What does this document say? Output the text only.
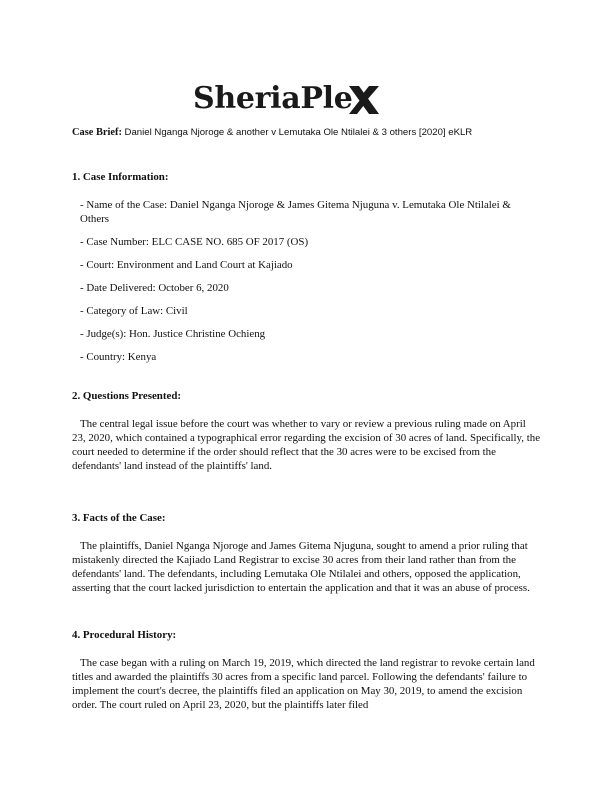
SheriaPle
Case Brief: Daniel Nganga Njoroge & another v Lemutaka Ole Ntilalei & 3 others [2020] eKLR
1. Case Information:
- Name of the Case: Daniel Nganga Njoroge & James Gitema Njuguna v. Lemutaka Ole Ntilalei & Others
- Case Number: ELC CASE NO. 685 OF 2017 (OS)
- Court: Environment and Land Court at Kajiado
- Date Delivered: October 6, 2020
- Category of Law: Civil
- Judge(s): Hon. Justice Christine Ochieng
- Country: Kenya
2. Questions Presented:

The central legal issue before the court was whether to vary or review a previous ruling made on April 23, 2020, which contained a typographical error regarding the excision of 30 acres of land. Specifically, the court needed to determine if the order should reflect that the 30 acres were to be excised from the defendants' land instead of the plaintiffs' land.

3. Facts of the Case:

The plaintiffs, Daniel Nganga Njoroge and James Gitema Njuguna, sought to amend a prior ruling that mistakenly directed the Kajiado Land Registrar to excise 30 acres from their land rather than from the defendants' land. The defendants, including Lemutaka Ole Ntilalei and others, opposed the application, asserting that the court lacked jurisdiction to entertain the application and that it was an abuse of process.

4. Procedural History:

The case began with a ruling on March 19, 2019, which directed the land registrar to revoke certain land titles and awarded the plaintiffs 30 acres from a specific land parcel. Following the defendants' failure to implement the court's decree, the plaintiffs filed an application on May 30, 2019, to amend the excision order. The court ruled on April 23, 2020, but the plaintiffs later filed
